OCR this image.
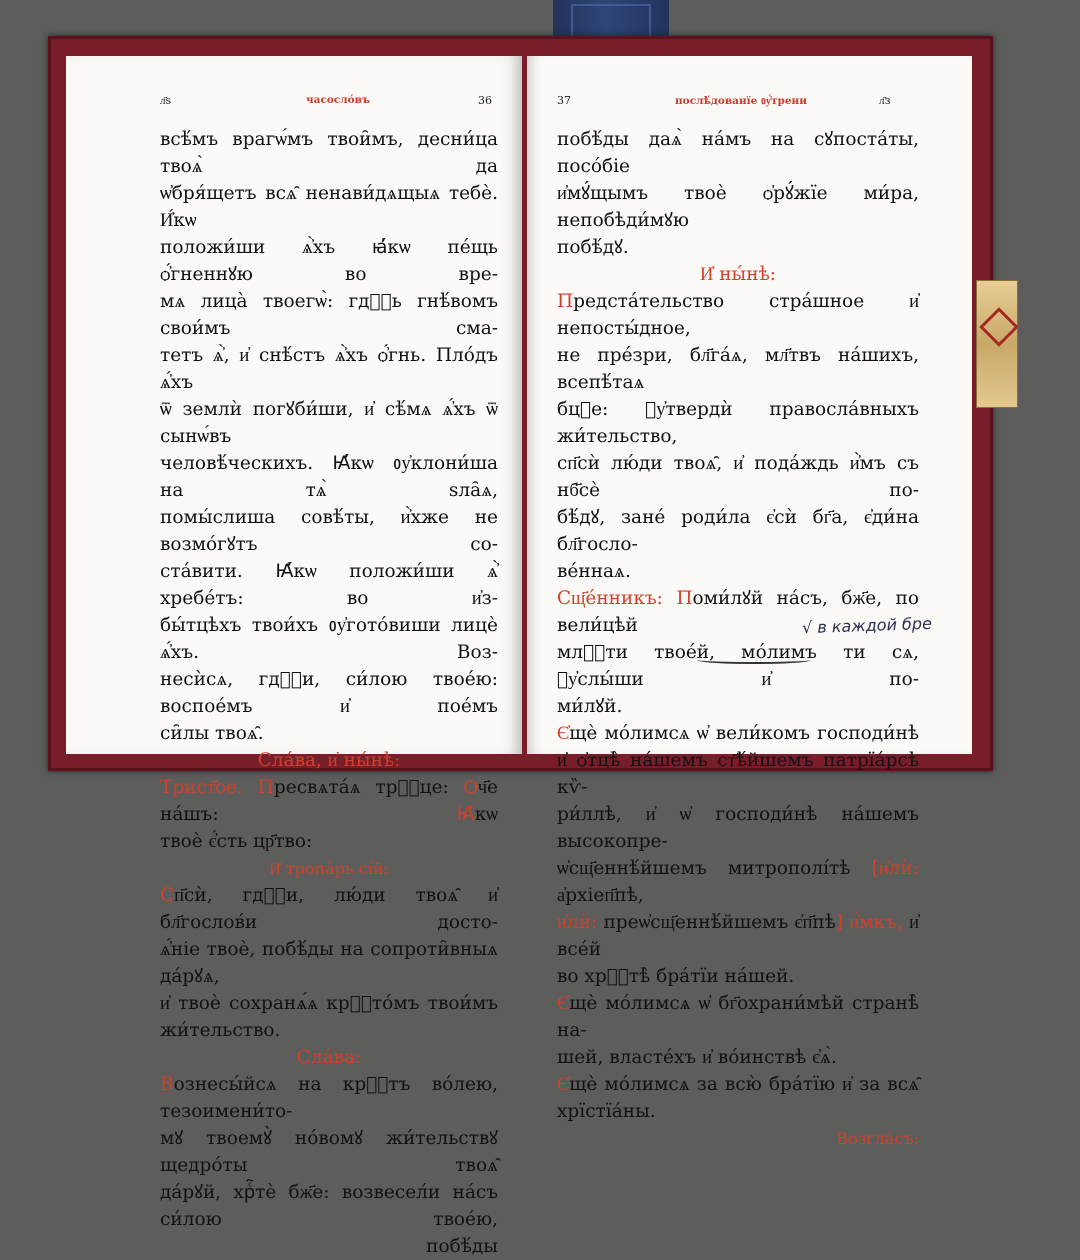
л҃ѕ	часосло́въ	36
всѣ́мъ врагѡ́мъ твои̑мъ, десни́ца твоѧ̀ да
ѡ҆бря́щетъ всѧ̑ ненави́дѧщыѧ тебѐ. И҆́кѡ
положи́ши ѧ҆̀хъ ꙗ҆́кѡ пе́щь ѻ҆́гненнꙋю во вре-
мѧ лица̀ твоегѡ̀: гдⷭ҇ь гнѣ́вомъ свои́мъ сма-
тетъ ѧ҆̀, и҆ снѣ́стъ ѧ҆̀хъ ѻ҆́гнь. Пло́дъ ѧ҆́хъ
ѿ землѝ погꙋби́ши, и҆ сѣ́мѧ ѧ҆́хъ ѿ сынѡ́въ
человѣ́ческихъ. Ꙗ҆́кѡ ᲂу҆клони́ша на тѧ̀ ѕла̑ѧ,
помы́слиша совѣ́ты, и҆̀хже не возмо́гꙋтъ со-
ста́вити. Ꙗ҆́кѡ положи́ши ѧ҆̀ хребе́тъ: во и҆з-
бы́тцѣхъ твои́хъ ᲂу҆гото́виши лицѐ ѧ҆́хъ. Воз-
несѝсѧ, гдⷭ҇и, си́лою твое́ю: воспое́мъ и҆ пое́мъ
си̑лы твоѧ̑.
Сла́ва, и҆ ны́нѣ:
Трист҃ое. Пресвѧта́ѧ трⷪ҇це: Ѻч҃е на́шъ: Ꙗ҆́кѡ
твоѐ є҆́сть цр҃тво:
И҆ тропа́рь сі́й:
Сп҃сѝ, гдⷭ҇и, лю́ди твоѧ̑ и҆ бл҃гослов́и досто-
ѧ҆́ніе твоѐ, побѣ́ды на сопроти̑вныѧ да́рꙋѧ,
и҆ твоѐ сохранѧ́ѧ крⷭ҇то́мъ твои́мъ жи́тельство.
Сла́ва:
Вознесы́йсѧ на крⷭ҇тъ во́лею, тезоимени́то-
мꙋ твоемꙋ̀ но́вомꙋ жи́тельствꙋ щедро́ты твоѧ̑
да́рꙋй, хрⷭ҇тѐ бж҃е: возвесел́и на́съ си́лою твое́ю,
побѣ́ды
37	послѣ́дованїе ᲂу҆́трени	л҃з
побѣ́ды даѧ̀ на́мъ на сꙋпоста́ты, посо́біе
и҆мꙋ́щымъ твоѐ ѻ҆рꙋ́жїе ми́ра, непобѣди́мꙋю
побѣ́дꙋ.
И҆ ны́нѣ:
Предста́тельство стра́шное и҆ непосты́дное,
не пре́зри, бл҃га́ѧ, мл҃твъ на́шихъ, всепѣ́таѧ
бцⷣе: ᲂу҆твердѝ правосла́вныхъ жи́тельство,
сп҃сѝ лю́ди твоѧ̑, и҆ пода́ждь и҆̀мъ съ нб҃сѐ по-
бѣ́дꙋ, зане́ роди́ла є҆сѝ бг҃а, є҆ди́на бл҃госло-
ве́ннаѧ.
Сщ҃е́нникъ: Поми́лꙋй на́съ, бж҃е, по вели́цѣй
млⷭ҇ти твое́й, мо́лимъ ти сѧ, ᲂу҆слы́ши и҆ по-
ми́лꙋй.
Є҆щѐ мо́лимсѧ ѡ҆ вели́комъ господи́нѣ
и҆ ѻ҆тцѣ̀ на́шемъ ст҃ѣ́йшемъ патрїа́рсѣ кѷ-
ри́ллѣ, и҆ ѡ҆ господи́нѣ на́шемъ высокопре-
ѡ҆сщ҃еннѣ́йшемъ митрополі́тѣ [и҆лѝ: а҆рхіеп҃пѣ,
и҆лѝ: преѡ҆сщ҃еннѣ́йшемъ є҆п҃пѣ] и҆́мкъ, и҆ все́й
во хрⷭ҇тѣ̀ бра́тїи на́шей.
Є҆щѐ мо́лимсѧ ѡ҆ бг҃охрани́мѣй странѣ̀ на-
шей, власте́хъ и҆ во́инствѣ є҆ѧ̀.
Є҆щѐ мо́лимсѧ за всю̀ бра́тїю и҆ за всѧ̑
хрїстїа́ны.
Возгла́съ:
√ в каждой бре
